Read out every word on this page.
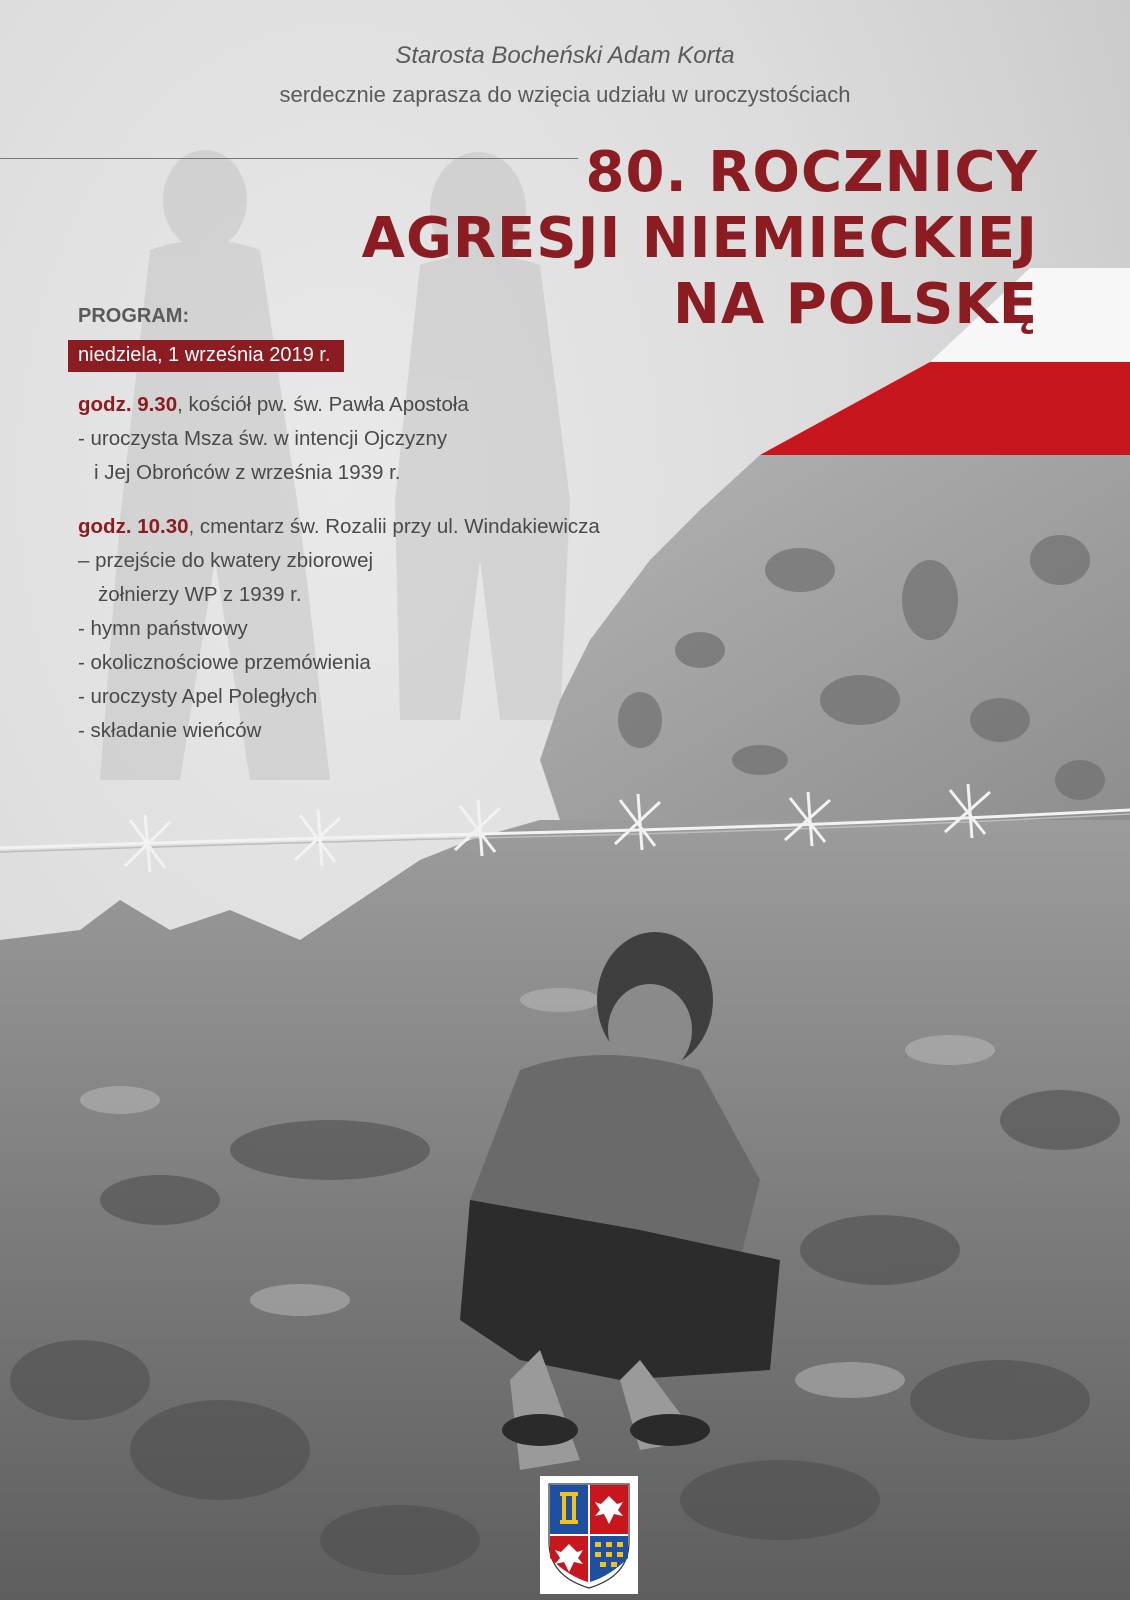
Starosta Bocheński Adam Korta
serdecznie zaprasza do wzięcia udziału w uroczystościach
80. ROCZNICY
AGRESJI NIEMIECKIEJ
NA POLSKĘ
PROGRAM:
niedziela, 1 września 2019 r.
godz. 9.30, kościół pw. św. Pawła Apostoła
- uroczysta Msza św. w intencji Ojczyzny
i Jej Obrońców z września 1939 r.
godz. 10.30, cmentarz św. Rozalii przy ul. Windakiewicza
– przejście do kwatery zbiorowej
żołnierzy WP z 1939 r.
- hymn państwowy
- okolicznościowe przemówienia
- uroczysty Apel Poległych
- składanie wieńców
